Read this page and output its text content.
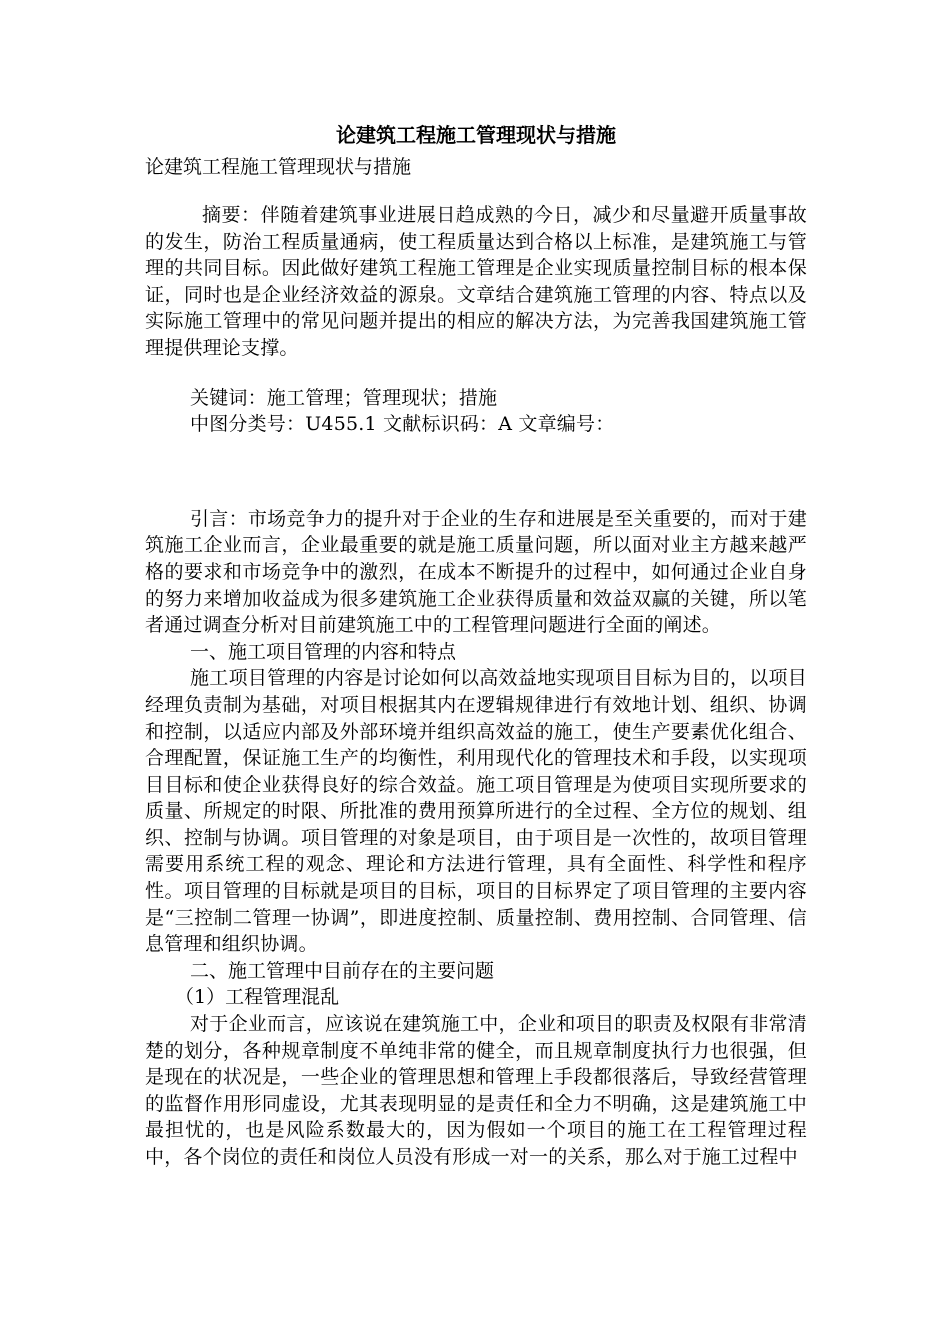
论建筑工程施工管理现状与措施

论建筑工程施工管理现状与措施

摘要：伴随着建筑事业进展日趋成熟的今日，减少和尽量避开质量事故的发生，防治工程质量通病，使工程质量达到合格以上标准，是建筑施工与管理的共同目标。因此做好建筑工程施工管理是企业实现质量控制目标的根本保证，同时也是企业经济效益的源泉。文章结合建筑施工管理的内容、特点以及实际施工管理中的常见问题并提出的相应的解决方法，为完善我国建筑施工管理提供理论支撑。

关键词：施工管理；管理现状；措施

中图分类号：U455.1 文献标识码：A 文章编号：

引言：市场竞争力的提升对于企业的生存和进展是至关重要的，而对于建筑施工企业而言，企业最重要的就是施工质量问题，所以面对业主方越来越严格的要求和市场竞争中的激烈，在成本不断提升的过程中，如何通过企业自身的努力来增加收益成为很多建筑施工企业获得质量和效益双赢的关键，所以笔者通过调查分析对目前建筑施工中的工程管理问题进行全面的阐述。

一、施工项目管理的内容和特点

施工项目管理的内容是讨论如何以高效益地实现项目目标为目的，以项目经理负责制为基础，对项目根据其内在逻辑规律进行有效地计划、组织、协调和控制，以适应内部及外部环境并组织高效益的施工，使生产要素优化组合、合理配置，保证施工生产的均衡性，利用现代化的管理技术和手段，以实现项目目标和使企业获得良好的综合效益。施工项目管理是为使项目实现所要求的质量、所规定的时限、所批准的费用预算所进行的全过程、全方位的规划、组织、控制与协调。项目管理的对象是项目，由于项目是一次性的，故项目管理需要用系统工程的观念、理论和方法进行管理，具有全面性、科学性和程序性。项目管理的目标就是项目的目标，项目的目标界定了项目管理的主要内容是“三控制二管理一协调”，即进度控制、质量控制、费用控制、合同管理、信息管理和组织协调。

二、施工管理中目前存在的主要问题

（1）工程管理混乱

对于企业而言，应该说在建筑施工中，企业和项目的职责及权限有非常清楚的划分，各种规章制度不单纯非常的健全，而且规章制度执行力也很强，但是现在的状况是，一些企业的管理思想和管理上手段都很落后，导致经营管理的监督作用形同虚设，尤其表现明显的是责任和全力不明确，这是建筑施工中最担忧的，也是风险系数最大的，因为假如一个项目的施工在工程管理过程中，各个岗位的责任和岗位人员没有形成一对一的关系，那么对于施工过程中
